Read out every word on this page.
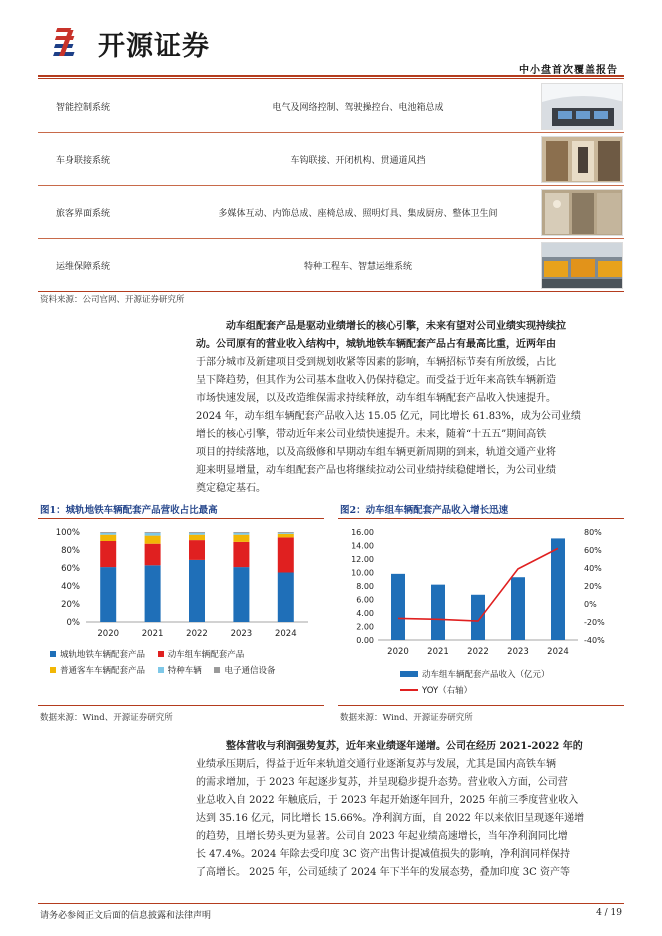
开源证券
中小盘首次覆盖报告
智能控制系统	电气及网络控制、驾驶操控台、电池箱总成
车身联接系统	车钩联接、开闭机构、贯通道风挡
旅客界面系统	多媒体互动、内饰总成、座椅总成、照明灯具、集成厨房、整体卫生间
运维保障系统	特种工程车、智慧运维系统
资料来源：公司官网、开源证券研究所
动车组配套产品是驱动业绩增长的核心引擎，未来有望对公司业绩实现持续拉
动。公司原有的营业收入结构中，城轨地铁车辆配套产品占有最高比重，近两年由
于部分城市及新建项目受到规划收紧等因素的影响，车辆招标节奏有所放缓，占比
呈下降趋势，但其作为公司基本盘收入仍保持稳定。而受益于近年来高铁车辆新造
市场快速发展，以及改造维保需求持续释放，动车组车辆配套产品收入快速提升。
2024 年，动车组车辆配套产品收入达 15.05 亿元，同比增长 61.83%，成为公司业绩
增长的核心引擎，带动近年来公司业绩快速提升。未来，随着“十五五”期间高铁
项目的持续落地，以及高级修和早期动车组车辆更新周期的到来，轨道交通产业将
迎来明显增量，动车组配套产品也将继续拉动公司业绩持续稳健增长，为公司业绩
奠定稳定基石。
图1：城轨地铁车辆配套产品营收占比最高
0%
20%
40%
60%
80%
100%
2020	2021	2022	2023	2024
城轨地铁车辆配套产品
	动车组车辆配套产品

普通客车车辆配套产品
	特种车辆
	电子通信设备
数据来源：Wind、开源证券研究所
图2：动车组车辆配套产品收入增长迅速
0.00
2.00
4.00
6.00
8.00
10.00
12.00
14.00
16.00
-40%
-20%
0%
20%
40%
60%
80%
2020 2021 2022 2023 2024
动车组车辆配套产品收入（亿元）

YOY（右轴）
数据来源：Wind、开源证券研究所
整体营收与利润强势复苏，近年来业绩逐年递增。公司在经历 2021-2022 年的
业绩承压期后，得益于近年来轨道交通行业逐渐复苏与发展，尤其是国内高铁车辆
的需求增加，于 2023 年起逐步复苏，并呈现稳步提升态势。营业收入方面，公司营
业总收入自 2022 年触底后，于 2023 年起开始逐年回升，2025 年前三季度营业收入
达到 35.16 亿元，同比增长 15.66%。净利润方面，自 2022 年以来依旧呈现逐年递增
的趋势，且增长势头更为显著。公司自 2023 年起业绩高速增长，当年净利润同比增
长 47.4%。2024 年除去受印度 3C 资产出售计提减值损失的影响，净利润同样保持
了高增长。 2025 年，公司延续了 2024 年下半年的发展态势，叠加印度 3C 资产等
请务必参阅正文后面的信息披露和法律声明	4 / 19
